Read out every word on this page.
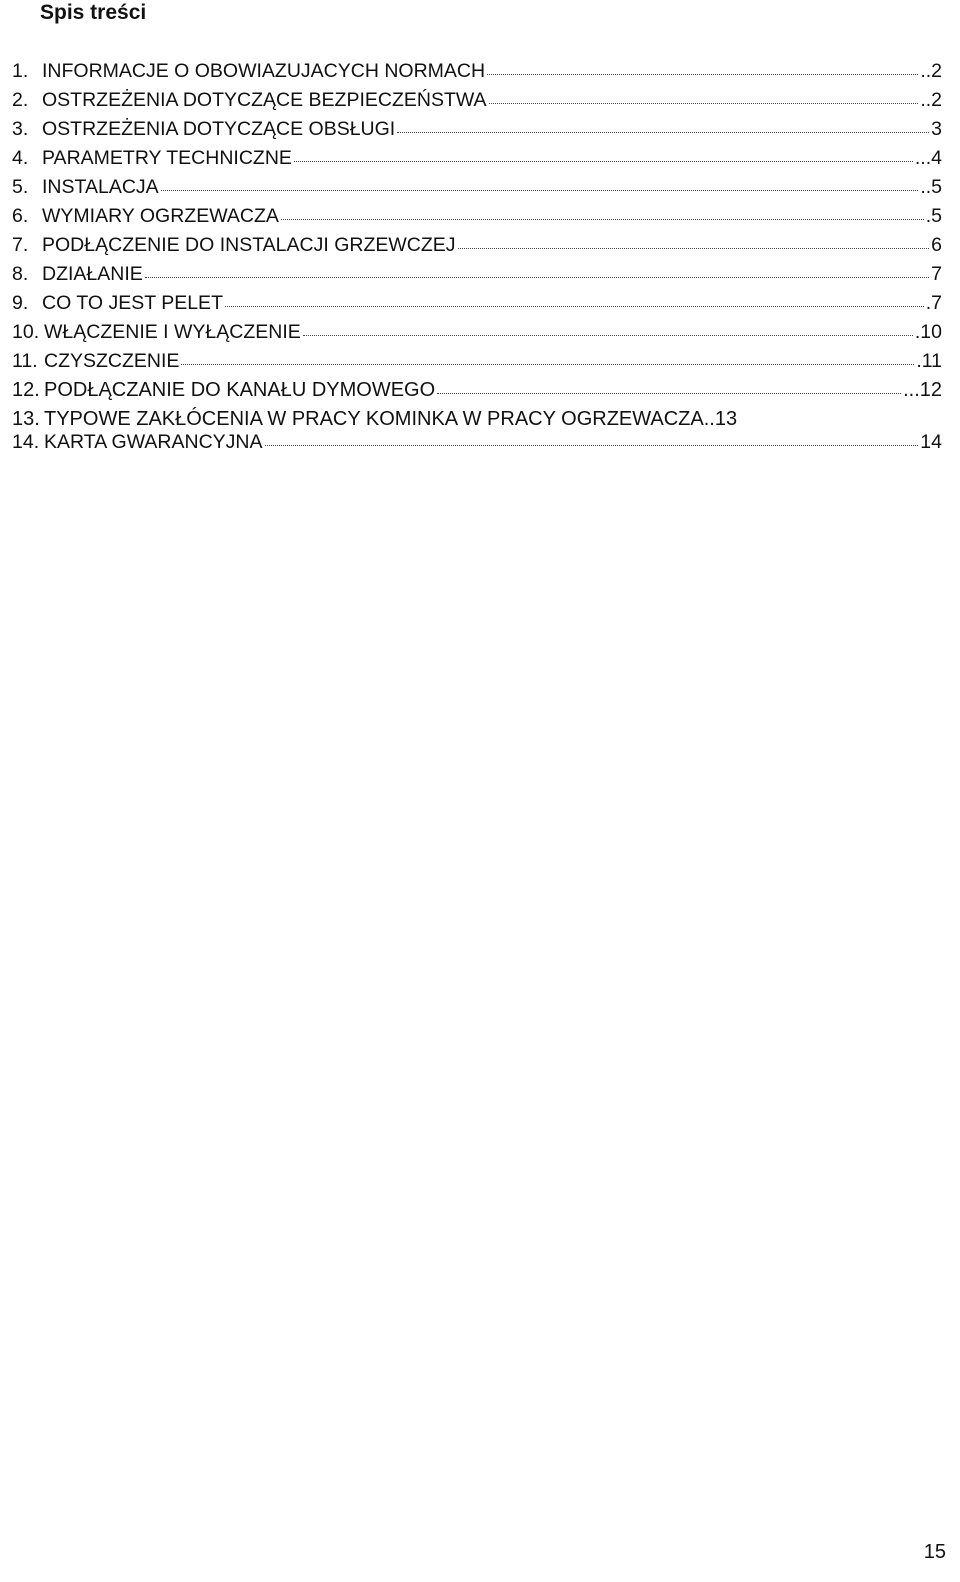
Spis treści
1. INFORMACJE O OBOWIAZUJACYCH NORMACH	..2
2. OSTRZEŻENIA DOTYCZĄCE BEZPIECZEŃSTWA	..2
3. OSTRZEŻENIA DOTYCZĄCE OBSŁUGI	3
4. PARAMETRY TECHNICZNE	...4
5. INSTALACJA	..5
6. WYMIARY OGRZEWACZA	.5
7. PODŁĄCZENIE DO INSTALACJI GRZEWCZEJ	6
8. DZIAŁANIE	7
9. CO TO JEST PELET	.7
10. WŁĄCZENIE I WYŁĄCZENIE	.10
11. CZYSZCZENIE	.11
12. PODŁĄCZANIE DO KANAŁU DYMOWEGO	...12
13. TYPOWE ZAKŁÓCENIA W PRACY KOMINKA W PRACY OGRZEWACZA ..13
14. KARTA GWARANCYJNA	14
15
